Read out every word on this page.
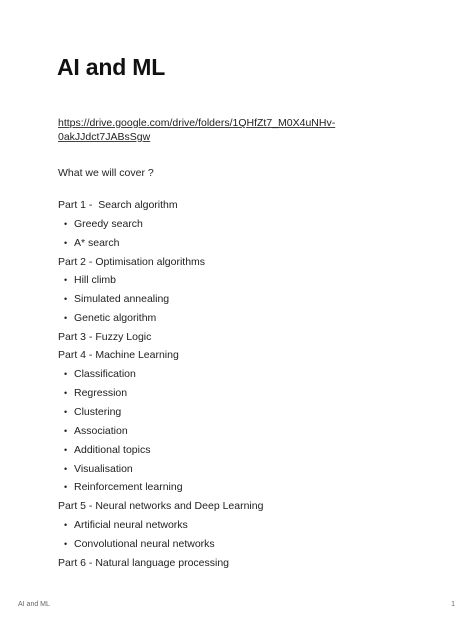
AI and ML
https://drive.google.com/drive/folders/1QHfZt7_M0X4uNHv-
0akJJdct7JABsSgw

What we will cover ?

Part 1 -  Search algorithm

• Greedy search
• A* search

Part 2 - Optimisation algorithms

• Hill climb
• Simulated annealing
• Genetic algorithm

Part 3 - Fuzzy Logic

Part 4 - Machine Learning

• Classification
• Regression
• Clustering
• Association
• Additional topics
• Visualisation
• Reinforcement learning

Part 5 - Neural networks and Deep Learning

• Artificial neural networks
• Convolutional neural networks

Part 6 - Natural language processing

AI and ML	1
